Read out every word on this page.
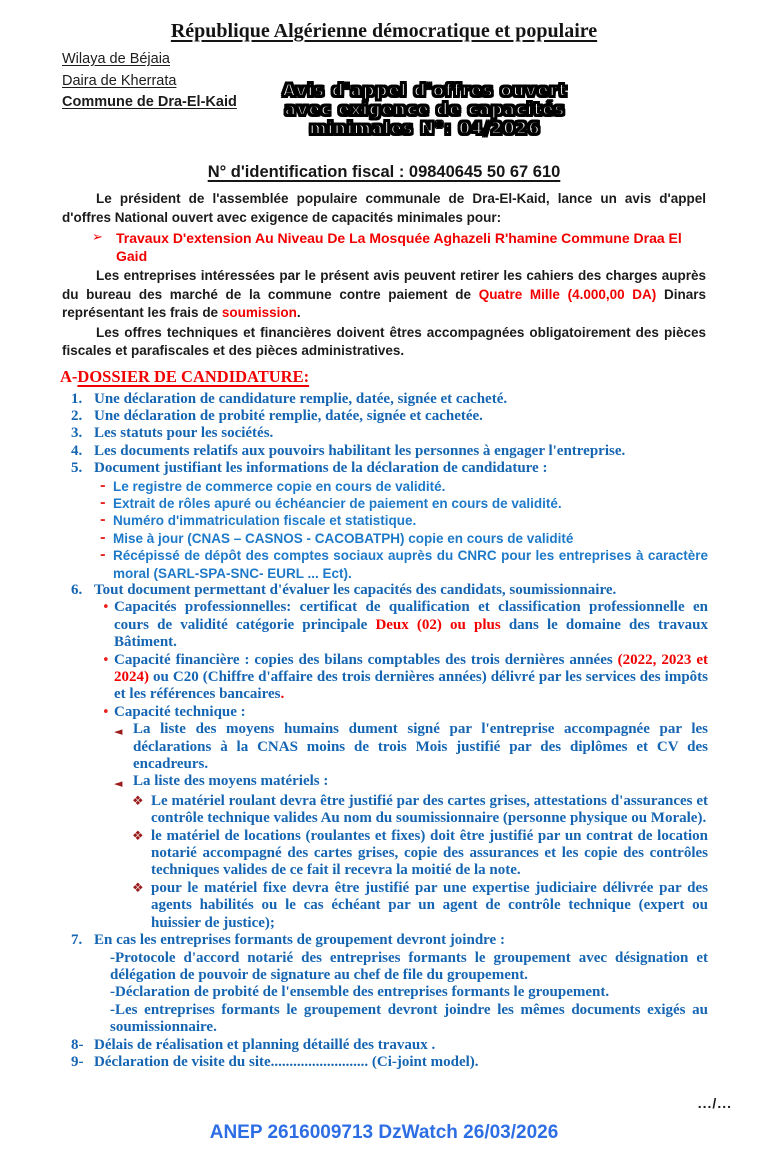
République Algérienne démocratique et populaire
Wilaya de Béjaia
Daira de Kherrata
Commune de Dra-El-Kaid
Avis d'appel d'offres ouvert
avec exigence de capacités
minimales N°: 04/2026
N° d'identification fiscal : 09840645 50 67 610

Le président de l'assemblée populaire communale de Dra-El-Kaid, lance un avis d'appel d'offres National ouvert avec exigence de capacités minimales pour:

➢ Travaux D'extension Au Niveau De La Mosquée Aghazeli R'hamine Commune Draa El Gaid

Les entreprises intéressées par le présent avis peuvent retirer les cahiers des charges auprès du bureau des marché de la commune contre paiement de Quatre Mille (4.000,00 DA) Dinars représentant les frais de soumission.

Les offres techniques et financières doivent êtres accompagnées obligatoirement des pièces fiscales et parafiscales et des pièces administratives.

A-DOSSIER DE CANDIDATURE:
1. Une déclaration de candidature remplie, datée, signée et cacheté.
2. Une déclaration de probité remplie, datée, signée et cachetée.
3. Les statuts pour les sociétés.
4. Les documents relatifs aux pouvoirs habilitant les personnes à engager l'entreprise.
5. Document justifiant les informations de la déclaration de candidature :
- Le registre de commerce copie en cours de validité.
- Extrait de rôles apuré ou échéancier de paiement en cours de validité.
- Numéro d'immatriculation fiscale et statistique.
- Mise à jour (CNAS – CASNOS - CACOBATPH) copie en cours de validité
- Récépissé de dépôt des comptes sociaux auprès du CNRC pour les entreprises à caractère moral (SARL-SPA-SNC- EURL ... Ect).
6. Tout document permettant d'évaluer les capacités des candidats, soumissionnaire.
• Capacités professionnelles: certificat de qualification et classification professionnelle en cours de validité catégorie principale Deux (02) ou plus dans le domaine des travaux Bâtiment.
• Capacité financière : copies des bilans comptables des trois dernières années (2022, 2023 et 2024) ou C20 (Chiffre d'affaire des trois dernières années) délivré par les services des impôts et les références bancaires.
• Capacité technique :
◄ La liste des moyens humains dument signé par l'entreprise accompagnée par les déclarations à la CNAS moins de trois Mois justifié par des diplômes et CV des encadreurs.
◄ La liste des moyens matériels :
❖ Le matériel roulant devra être justifié par des cartes grises, attestations d'assurances et contrôle technique valides Au nom du soumissionnaire (personne physique ou Morale).
❖ le matériel de locations (roulantes et fixes) doit être justifié par un contrat de location notarié accompagné des cartes grises, copie des assurances et les copie des contrôles techniques valides de ce fait il recevra la moitié de la note.
❖ pour le matériel fixe devra être justifié par une expertise judiciaire délivrée par des agents habilités ou le cas échéant par un agent de contrôle technique (expert ou huissier de justice);
7. En cas les entreprises formants de groupement devront joindre :
-Protocole d'accord notarié des entreprises formants le groupement avec désignation et délégation de pouvoir de signature au chef de file du groupement.
-Déclaration de probité de l'ensemble des entreprises formants le groupement.
-Les entreprises formants le groupement devront joindre les mêmes documents exigés au soumissionnaire.
8- Délais de réalisation et planning détaillé des travaux .
9- Déclaration de visite du site.......................... (Ci-joint model).
.../...
ANEP 2616009713 DzWatch 26/03/2026
